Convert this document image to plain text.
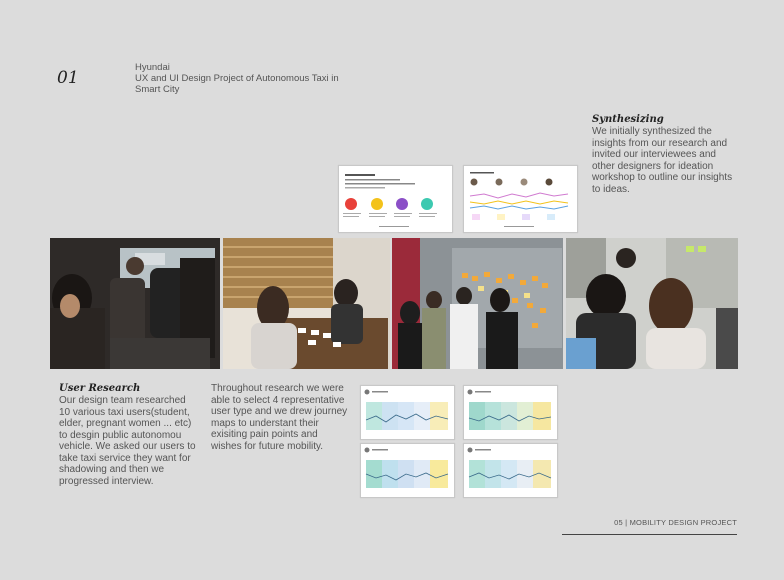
01
Hyundai
UX and UI Design Project of Autonomous Taxi in
Smart City
Synthesizing
We initially synthesized the insights from our research and invited our interviewees and other designers for ideation workshop to outline our insights to ideas.
User Research
Our design team researched 10 various taxi users(student, elder, pregnant women ... etc) to desgin public autonomou vehicle. We asked our users to take taxi service they want for shadowing and then we progressed interview.
Throughout research we were able to select 4 representative user type and we drew journey maps to understant their exisiting pain points and wishes for future mobility.
05 | MOBILITY DESIGN PROJECT
